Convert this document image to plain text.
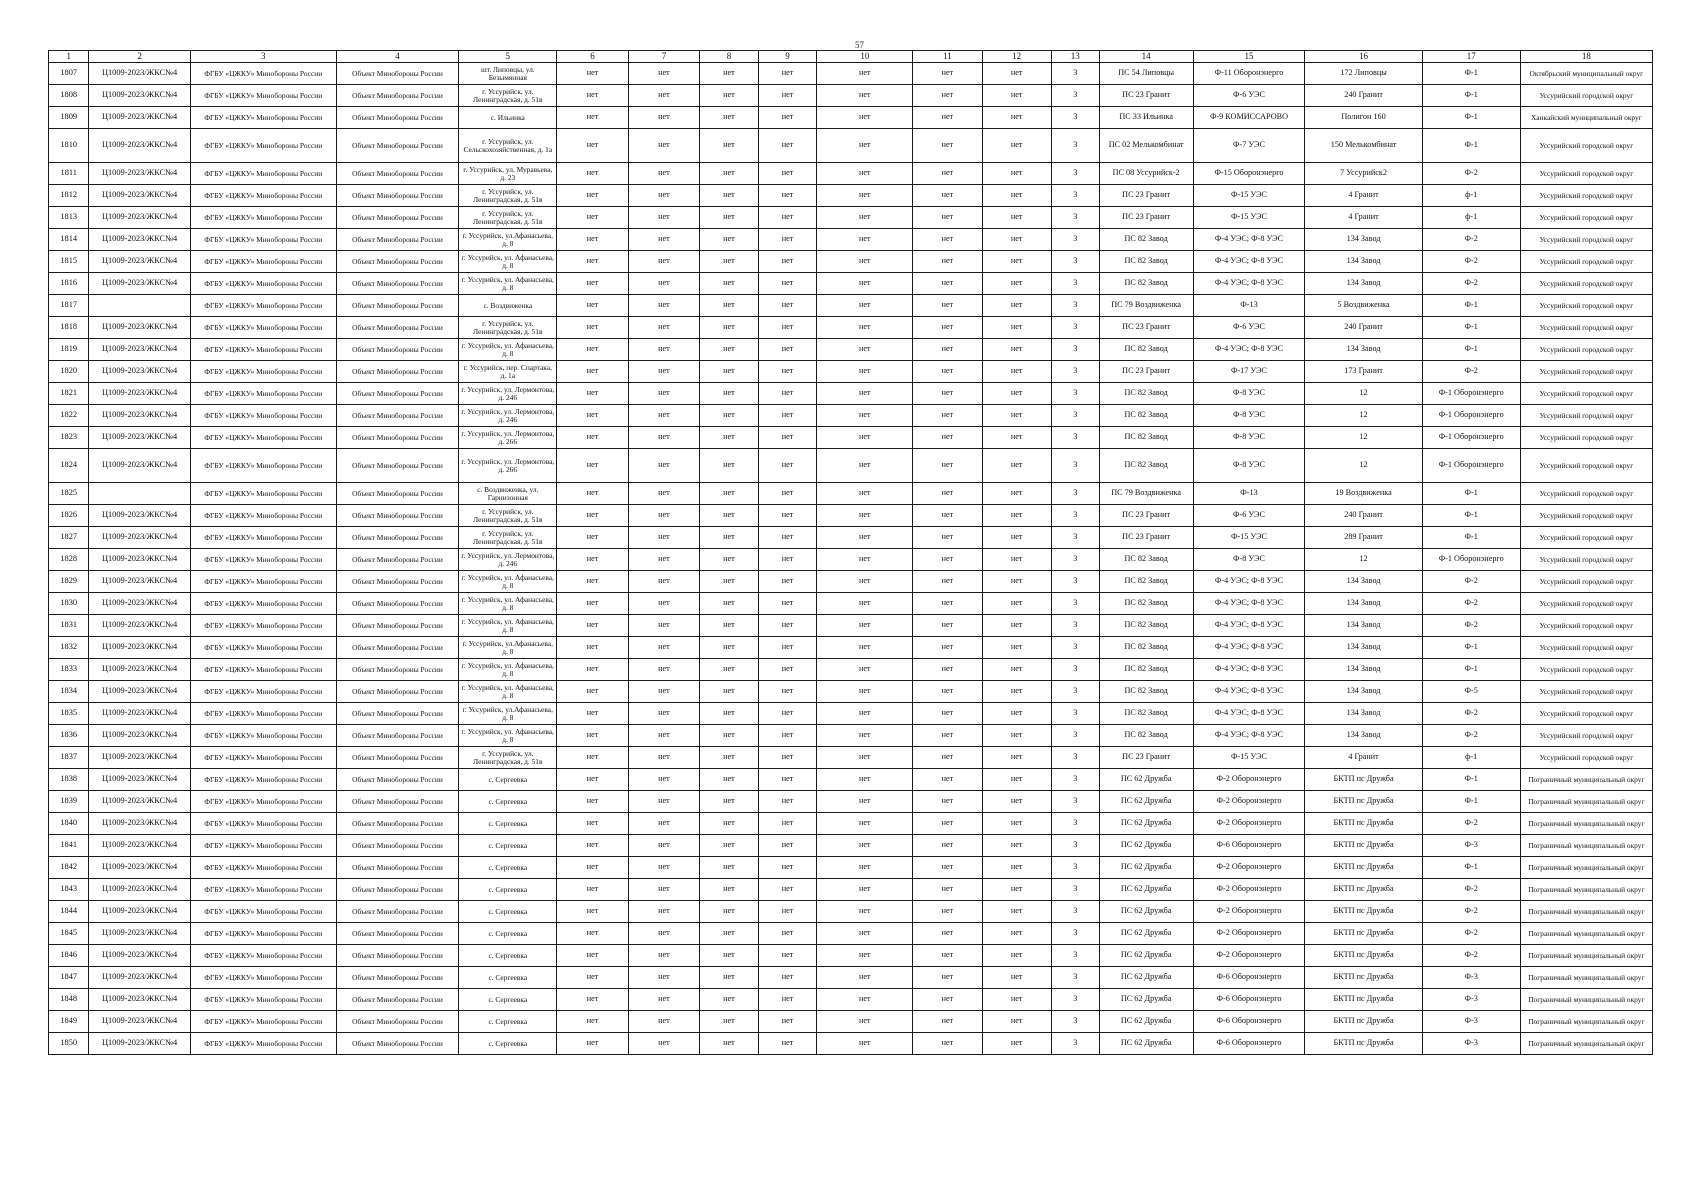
57
1	2	3	4	5	6	7	8	9	10	11	12	13	14	15	16	17	18
1807	Ц1009-2023/ЖКС№4	ФГБУ «ЦЖКУ» Минобороны России	Объект Минобороны России	шт. Липовцы, ул. Безымянная	нет	нет	нет	нет	нет	нет	нет	3	ПС 54 Липовцы	Ф-11 Оборонэнерго	172 Липовцы	Ф-1	Октябрьский муниципальный округ
1808	Ц1009-2023/ЖКС№4	ФГБУ «ЦЖКУ» Минобороны России	Объект Минобороны России	г. Уссурийск, ул. Ленинградская, д. 51в	нет	нет	нет	нет	нет	нет	нет	3	ПС 23 Гранит	Ф-6 УЭС	240 Гранит	Ф-1	Уссурийский городской округ
1809	Ц1009-2023/ЖКС№4	ФГБУ «ЦЖКУ» Минобороны России	Объект Минобороны России	с. Ильинка	нет	нет	нет	нет	нет	нет	нет	3	ПС 33 Ильинка	Ф-9 КОМИССАРОВО	Полигон 160	Ф-1	Ханкайский муниципальный округ
1810	Ц1009-2023/ЖКС№4	ФГБУ «ЦЖКУ» Минобороны России	Объект Минобороны России	г. Уссурийск, ул. Сельскохозяйственная, д. 1а	нет	нет	нет	нет	нет	нет	нет	3	ПС 02 Мелькомбинат	Ф-7 УЭС	150 Мелькомбинат	Ф-1	Уссурийский городской округ
1811	Ц1009-2023/ЖКС№4	ФГБУ «ЦЖКУ» Минобороны России	Объект Минобороны России	г. Уссурийск, ул. Муравьева, д. 23	нет	нет	нет	нет	нет	нет	нет	3	ПС 08 Уссурийск-2	Ф-15 Оборонэнерго	7 Уссурийск2	Ф-2	Уссурийский городской округ
1812	Ц1009-2023/ЖКС№4	ФГБУ «ЦЖКУ» Минобороны России	Объект Минобороны России	г. Уссурийск, ул. Ленинградская, д. 51в	нет	нет	нет	нет	нет	нет	нет	3	ПС 23 Гранит	Ф-15 УЭС	4 Гранит	ф-1	Уссурийский городской округ
1813	Ц1009-2023/ЖКС№4	ФГБУ «ЦЖКУ» Минобороны России	Объект Минобороны России	г. Уссурийск, ул. Ленинградская, д. 51в	нет	нет	нет	нет	нет	нет	нет	3	ПС 23 Гранит	Ф-15 УЭС	4 Гранит	ф-1	Уссурийский городской округ
1814	Ц1009-2023/ЖКС№4	ФГБУ «ЦЖКУ» Минобороны России	Объект Минобороны России	г. Уссурийск, ул.Афанасьева, д. 8	нет	нет	нет	нет	нет	нет	нет	3	ПС 82 Завод	Ф-4 УЭС; Ф-8 УЭС	134 Завод	Ф-2	Уссурийский городской округ
1815	Ц1009-2023/ЖКС№4	ФГБУ «ЦЖКУ» Минобороны России	Объект Минобороны России	г. Уссурийск, ул. Афанасьева, д. 8	нет	нет	нет	нет	нет	нет	нет	3	ПС 82 Завод	Ф-4 УЭС; Ф-8 УЭС	134 Завод	Ф-2	Уссурийский городской округ
1816	Ц1009-2023/ЖКС№4	ФГБУ «ЦЖКУ» Минобороны России	Объект Минобороны России	г. Уссурийск, ул. Афанасьева, д. 8	нет	нет	нет	нет	нет	нет	нет	3	ПС 82 Завод	Ф-4 УЭС; Ф-8 УЭС	134 Завод	Ф-2	Уссурийский городской округ
1817		ФГБУ «ЦЖКУ» Минобороны России	Объект Минобороны России	с. Воздвиженка	нет	нет	нет	нет	нет	нет	нет	3	ПС 79 Воздвиженка	Ф-13	5 Воздвиженка	Ф-1	Уссурийский городской округ
1818	Ц1009-2023/ЖКС№4	ФГБУ «ЦЖКУ» Минобороны России	Объект Минобороны России	г. Уссурийск, ул. Ленинградская, д. 51в	нет	нет	нет	нет	нет	нет	нет	3	ПС 23 Гранит	Ф-6 УЭС	240 Гранит	Ф-1	Уссурийский городской округ
1819	Ц1009-2023/ЖКС№4	ФГБУ «ЦЖКУ» Минобороны России	Объект Минобороны России	г. Уссурийск, ул. Афанасьева, д. 8	нет	нет	нет	нет	нет	нет	нет	3	ПС 82 Завод	Ф-4 УЭС; Ф-8 УЭС	134 Завод	Ф-1	Уссурийский городской округ
1820	Ц1009-2023/ЖКС№4	ФГБУ «ЦЖКУ» Минобороны России	Объект Минобороны России	г. Уссурийск, пер. Спартака, д. 1а	нет	нет	нет	нет	нет	нет	нет	3	ПС 23 Гранит	Ф-17 УЭС	173 Гранит	Ф-2	Уссурийский городской округ
1821	Ц1009-2023/ЖКС№4	ФГБУ «ЦЖКУ» Минобороны России	Объект Минобороны России	г. Уссурийск, ул. Лермонтова, д. 246	нет	нет	нет	нет	нет	нет	нет	3	ПС 82 Завод	Ф-8 УЭС	12	Ф-1 Оборонэнерго	Уссурийский городской округ
1822	Ц1009-2023/ЖКС№4	ФГБУ «ЦЖКУ» Минобороны России	Объект Минобороны России	г. Уссурийск, ул. Лермонтова, д. 246	нет	нет	нет	нет	нет	нет	нет	3	ПС 82 Завод	Ф-8 УЭС	12	Ф-1 Оборонэнерго	Уссурийский городской округ
1823	Ц1009-2023/ЖКС№4	ФГБУ «ЦЖКУ» Минобороны России	Объект Минобороны России	г. Уссурийск, ул. Лермонтова, д. 266	нет	нет	нет	нет	нет	нет	нет	3	ПС 82 Завод	Ф-8 УЭС	12	Ф-1 Оборонэнерго	Уссурийский городской округ
1824	Ц1009-2023/ЖКС№4	ФГБУ «ЦЖКУ» Минобороны России	Объект Минобороны России	г. Уссурийск, ул. Лермонтова, д. 266	нет	нет	нет	нет	нет	нет	нет	3	ПС 82 Завод	Ф-8 УЭС	12	Ф-1 Оборонэнерго	Уссурийский городской округ
1825		ФГБУ «ЦЖКУ» Минобороны России	Объект Минобороны России	с. Воздвиженка, ул. Гарнизонная	нет	нет	нет	нет	нет	нет	нет	3	ПС 79 Воздвиженка	Ф-13	19 Воздвиженка	Ф-1	Уссурийский городской округ
1826	Ц1009-2023/ЖКС№4	ФГБУ «ЦЖКУ» Минобороны России	Объект Минобороны России	г. Уссурийск, ул. Ленинградская, д. 51в	нет	нет	нет	нет	нет	нет	нет	3	ПС 23 Гранит	Ф-6 УЭС	240 Гранит	Ф-1	Уссурийский городской округ
1827	Ц1009-2023/ЖКС№4	ФГБУ «ЦЖКУ» Минобороны России	Объект Минобороны России	г. Уссурийск, ул. Ленинградская, д. 51в	нет	нет	нет	нет	нет	нет	нет	3	ПС 23 Гранит	Ф-15 УЭС	289 Гранит	Ф-1	Уссурийский городской округ
1828	Ц1009-2023/ЖКС№4	ФГБУ «ЦЖКУ» Минобороны России	Объект Минобороны России	г. Уссурийск, ул. Лермонтова, д. 246	нет	нет	нет	нет	нет	нет	нет	3	ПС 82 Завод	Ф-8 УЭС	12	Ф-1 Оборонэнерго	Уссурийский городской округ
1829	Ц1009-2023/ЖКС№4	ФГБУ «ЦЖКУ» Минобороны России	Объект Минобороны России	г. Уссурийск, ул. Афанасьева, д. 8	нет	нет	нет	нет	нет	нет	нет	3	ПС 82 Завод	Ф-4 УЭС; Ф-8 УЭС	134 Завод	Ф-2	Уссурийский городской округ
1830	Ц1009-2023/ЖКС№4	ФГБУ «ЦЖКУ» Минобороны России	Объект Минобороны России	г. Уссурийск, ул. Афанасьева, д. 8	нет	нет	нет	нет	нет	нет	нет	3	ПС 82 Завод	Ф-4 УЭС; Ф-8 УЭС	134 Завод	Ф-2	Уссурийский городской округ
1831	Ц1009-2023/ЖКС№4	ФГБУ «ЦЖКУ» Минобороны России	Объект Минобороны России	г. Уссурийск, ул. Афанасьева, д. 8	нет	нет	нет	нет	нет	нет	нет	3	ПС 82 Завод	Ф-4 УЭС; Ф-8 УЭС	134 Завод	Ф-2	Уссурийский городской округ
1832	Ц1009-2023/ЖКС№4	ФГБУ «ЦЖКУ» Минобороны России	Объект Минобороны России	г. Уссурийск, ул.Афанасьева, д. 8	нет	нет	нет	нет	нет	нет	нет	3	ПС 82 Завод	Ф-4 УЭС; Ф-8 УЭС	134 Завод	Ф-1	Уссурийский городской округ
1833	Ц1009-2023/ЖКС№4	ФГБУ «ЦЖКУ» Минобороны России	Объект Минобороны России	г. Уссурийск, ул. Афанасьева, д. 8	нет	нет	нет	нет	нет	нет	нет	3	ПС 82 Завод	Ф-4 УЭС; Ф-8 УЭС	134 Завод	Ф-1	Уссурийский городской округ
1834	Ц1009-2023/ЖКС№4	ФГБУ «ЦЖКУ» Минобороны России	Объект Минобороны России	г. Уссурийск, ул. Афанасьева, д. 8	нет	нет	нет	нет	нет	нет	нет	3	ПС 82 Завод	Ф-4 УЭС; Ф-8 УЭС	134 Завод	Ф-5	Уссурийский городской округ
1835	Ц1009-2023/ЖКС№4	ФГБУ «ЦЖКУ» Минобороны России	Объект Минобороны России	г. Уссурийск, ул.Афанасьева, д. 8	нет	нет	нет	нет	нет	нет	нет	3	ПС 82 Завод	Ф-4 УЭС; Ф-8 УЭС	134 Завод	Ф-2	Уссурийский городской округ
1836	Ц1009-2023/ЖКС№4	ФГБУ «ЦЖКУ» Минобороны России	Объект Минобороны России	г. Уссурийск, ул. Афанасьева, д. 8	нет	нет	нет	нет	нет	нет	нет	3	ПС 82 Завод	Ф-4 УЭС; Ф-8 УЭС	134 Завод	Ф-2	Уссурийский городской округ
1837	Ц1009-2023/ЖКС№4	ФГБУ «ЦЖКУ» Минобороны России	Объект Минобороны России	г. Уссурийск, ул. Ленинградская, д. 51в	нет	нет	нет	нет	нет	нет	нет	3	ПС 23 Гранит	Ф-15 УЭС	4 Гранит	ф-1	Уссурийский городской округ
1838	Ц1009-2023/ЖКС№4	ФГБУ «ЦЖКУ» Минобороны России	Объект Минобороны России	с. Сергеевка	нет	нет	нет	нет	нет	нет	нет	3	ПС 62 Дружба	Ф-2 Оборонэнерго	БКТП пс Дружба	Ф-1	Пограничный муниципальный округ
1839	Ц1009-2023/ЖКС№4	ФГБУ «ЦЖКУ» Минобороны России	Объект Минобороны России	с. Сергеевка	нет	нет	нет	нет	нет	нет	нет	3	ПС 62 Дружба	Ф-2 Оборонэнерго	БКТП пс Дружба	Ф-1	Пограничный муниципальный округ
1840	Ц1009-2023/ЖКС№4	ФГБУ «ЦЖКУ» Минобороны России	Объект Минобороны России	с. Сергеевка	нет	нет	нет	нет	нет	нет	нет	3	ПС 62 Дружба	Ф-2 Оборонэнерго	БКТП пс Дружба	Ф-2	Пограничный муниципальный округ
1841	Ц1009-2023/ЖКС№4	ФГБУ «ЦЖКУ» Минобороны России	Объект Минобороны России	с. Сергеевка	нет	нет	нет	нет	нет	нет	нет	3	ПС 62 Дружба	Ф-6 Оборонэнерго	БКТП пс Дружба	Ф-3	Пограничный муниципальный округ
1842	Ц1009-2023/ЖКС№4	ФГБУ «ЦЖКУ» Минобороны России	Объект Минобороны России	с. Сергеевка	нет	нет	нет	нет	нет	нет	нет	3	ПС 62 Дружба	Ф-2 Оборонэнерго	БКТП пс Дружба	Ф-1	Пограничный муниципальный округ
1843	Ц1009-2023/ЖКС№4	ФГБУ «ЦЖКУ» Минобороны России	Объект Минобороны России	с. Сергеевка	нет	нет	нет	нет	нет	нет	нет	3	ПС 62 Дружба	Ф-2 Оборонэнерго	БКТП пс Дружба	Ф-2	Пограничный муниципальный округ
1844	Ц1009-2023/ЖКС№4	ФГБУ «ЦЖКУ» Минобороны России	Объект Минобороны России	с. Сергеевка	нет	нет	нет	нет	нет	нет	нет	3	ПС 62 Дружба	Ф-2 Оборонэнерго	БКТП пс Дружба	Ф-2	Пограничный муниципальный округ
1845	Ц1009-2023/ЖКС№4	ФГБУ «ЦЖКУ» Минобороны России	Объект Минобороны России	с. Сергеевка	нет	нет	нет	нет	нет	нет	нет	3	ПС 62 Дружба	Ф-2 Оборонэнерго	БКТП пс Дружба	Ф-2	Пограничный муниципальный округ
1846	Ц1009-2023/ЖКС№4	ФГБУ «ЦЖКУ» Минобороны России	Объект Минобороны России	с. Сергеевка	нет	нет	нет	нет	нет	нет	нет	3	ПС 62 Дружба	Ф-2 Оборонэнерго	БКТП пс Дружба	Ф-2	Пограничный муниципальный округ
1847	Ц1009-2023/ЖКС№4	ФГБУ «ЦЖКУ» Минобороны России	Объект Минобороны России	с. Сергеевка	нет	нет	нет	нет	нет	нет	нет	3	ПС 62 Дружба	Ф-6 Оборонэнерго	БКТП пс Дружба	Ф-3	Пограничный муниципальный округ
1848	Ц1009-2023/ЖКС№4	ФГБУ «ЦЖКУ» Минобороны России	Объект Минобороны России	с. Сергеевка	нет	нет	нет	нет	нет	нет	нет	3	ПС 62 Дружба	Ф-6 Оборонэнерго	БКТП пс Дружба	Ф-3	Пограничный муниципальный округ
1849	Ц1009-2023/ЖКС№4	ФГБУ «ЦЖКУ» Минобороны России	Объект Минобороны России	с. Сергеевка	нет	нет	нет	нет	нет	нет	нет	3	ПС 62 Дружба	Ф-6 Оборонэнерго	БКТП пс Дружба	Ф-3	Пограничный муниципальный округ
1850	Ц1009-2023/ЖКС№4	ФГБУ «ЦЖКУ» Минобороны России	Объект Минобороны России	с. Сергеевка	нет	нет	нет	нет	нет	нет	нет	3	ПС 62 Дружба	Ф-6 Оборонэнерго	БКТП пс Дружба	Ф-3	Пограничный муниципальный округ
